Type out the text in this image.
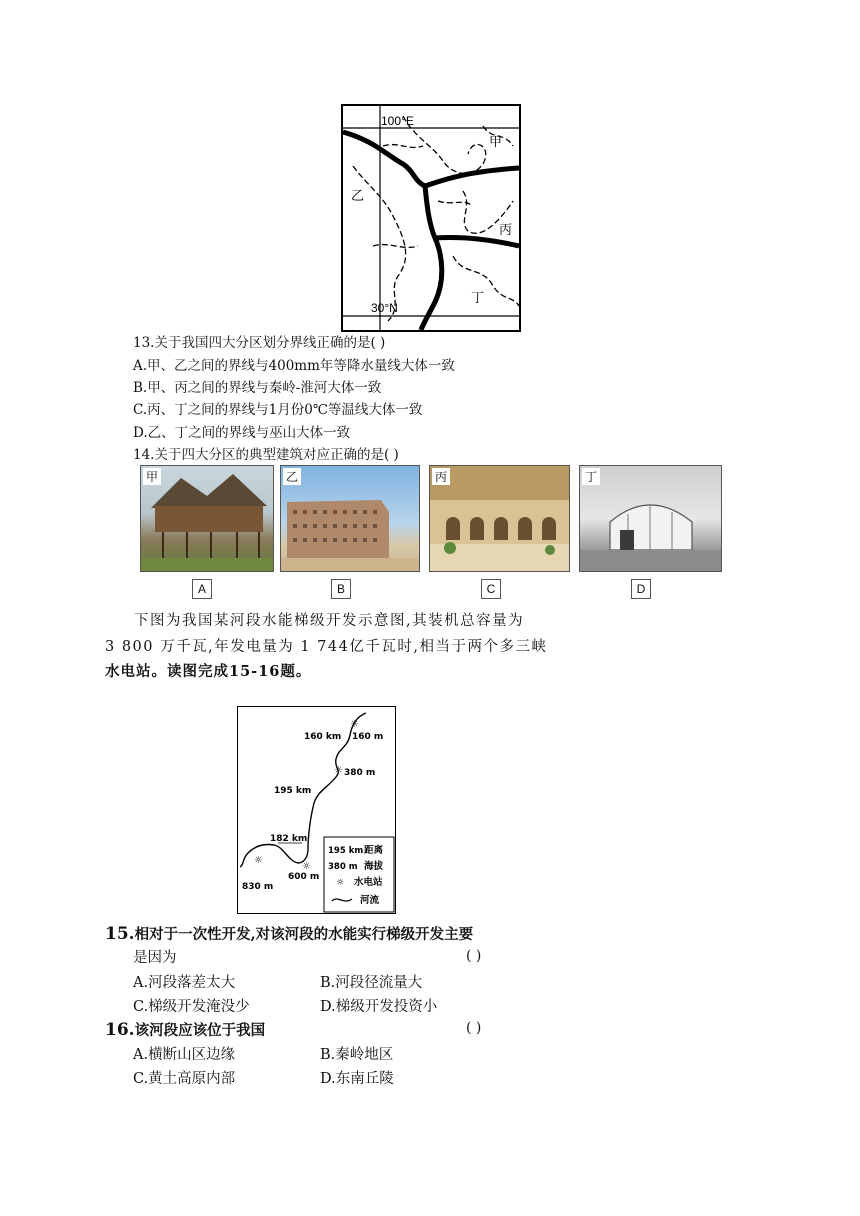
100°E
30°N
甲
乙
丙
丁
13.关于我国四大分区划分界线正确的是( )
A.甲、乙之间的界线与400mm年等降水量线大体一致
B.甲、丙之间的界线与秦岭-淮河大体一致
C.丙、丁之间的界线与1月份0℃等温线大体一致
D.乙、丁之间的界线与巫山大体一致
14.关于四大分区的典型建筑对应正确的是( )
甲
A
乙
B
丙
C
丁
D
下图为我国某河段水能梯级开发示意图,其装机总容量为
3 800 万千瓦,年发电量为 1 744亿千瓦时,相当于两个多三峡
水电站。读图完成15-16题。
☼
☼
☼
☼
160 km 160 m
380 m
195 km
182 km
600 m
830 m
195 km 距离
380 m 海拔
☼ 水电站
河流
15.相对于一次性开发,对该河段的水能实行梯级开发主要
是因为	( )
A.河段落差太大	B.河段径流量大
C.梯级开发淹没少	D.梯级开发投资小
16.该河段应该位于我国	( )
A.横断山区边缘	B.秦岭地区
C.黄土高原内部	D.东南丘陵
